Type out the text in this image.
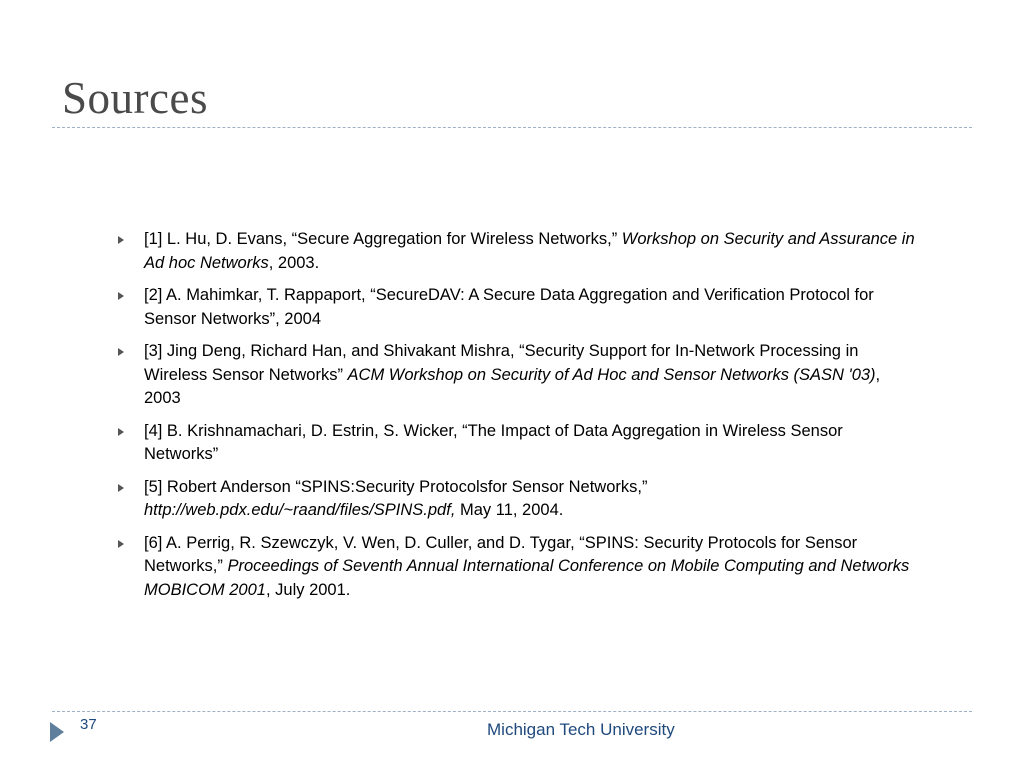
Sources
[1] L. Hu, D. Evans, “Secure Aggregation for Wireless Networks,” Workshop on Security and Assurance in Ad hoc Networks, 2003.
[2] A. Mahimkar, T. Rappaport, “SecureDAV: A Secure Data Aggregation and Verification Protocol for Sensor Networks”, 2004
[3] Jing Deng, Richard Han, and Shivakant Mishra, “Security Support for In-Network Processing in Wireless Sensor Networks” ACM Workshop on Security of Ad Hoc and Sensor Networks (SASN '03), 2003
[4] B. Krishnamachari, D. Estrin, S. Wicker, “The Impact of Data Aggregation in Wireless Sensor Networks”
[5] Robert Anderson “SPINS:Security Protocolsfor Sensor Networks,” http://web.pdx.edu/~raand/files/SPINS.pdf, May 11, 2004.
[6] A. Perrig, R. Szewczyk, V. Wen, D. Culler, and D. Tygar, “SPINS: Security Protocols for Sensor Networks,” Proceedings of Seventh Annual International Conference on Mobile Computing and Networks MOBICOM 2001, July 2001.
37	Michigan Tech University
